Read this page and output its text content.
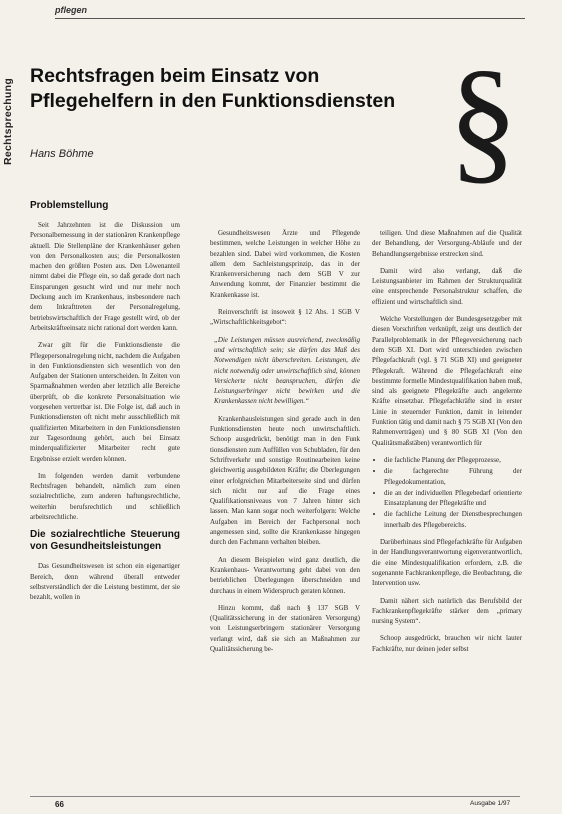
pflegen
Rechtsprechung
Rechtsfragen beim Einsatz von Pflegehelfern in den Funktionsdiensten
Hans Böhme	§
Problemstellung

Seit Jahrzehnten ist die Diskussion um Personalbemessung in der stationären Krankenpflege aktuell. Die Stellenpläne der Krankenhäuser gehen von den Personalkosten aus; die Personalkosten machen den größten Posten aus. Den Löwenanteil nimmt dabei die Pflege ein, so daß gerade dort nach Einsparungen gesucht wird und nur mehr noch Deckung auch im Krankenhaus, insbesondere nach dem Inkrafttreten der Personalregelung, betriebswirtschaftlich der Frage gestellt wird, ob der Arbeitskräfteeinsatz nicht rational dort werden kann.

Zwar gilt für die Funktionsdienste die Pflegepersonalregelung nicht, nachdem die Aufgaben in den Funktionsdiensten sich wesentlich von den Aufgaben der Stationen unterscheiden. In Zeiten von Sparmaßnahmen werden aber letztlich alle Bereiche überprüft, ob die konkrete Personalsituation wie vorgesehen vertretbar ist. Die Folge ist, daß auch in Funktionsdiensten oft nicht mehr ausschließlich mit qualifizierten Mitarbeitern in den Funktionsdiensten zur Tagesordnung gehört, auch bei Einsatz minderqualifizierter Mitarbeiter recht gute Ergebnisse erzielt werden können.

Im folgenden werden damit verbundene Rechtsfragen behandelt, nämlich zum einen sozialrechtliche, zum anderen haftungsrechtliche, weiterhin berufsrechtlich und schließlich arbeitsrechtliche.

Die sozialrechtliche Steuerung von Gesundheitsleistungen

Das Gesundheitswesen ist schon ein eigenartiger Bereich, denn während überall entweder selbstverständlich der die Leistung bestimmt, der sie bezahlt, wollen in

Gesundheitswesen Ärzte und Pflegende bestimmen, welche Leistungen in welcher Höhe zu bezahlen sind. Dabei wird vorkommen, die Kosten allem dem Sachleistungsprinzip, das in der Krankenversicherung nach dem SGB V zur Anwendung kommt, der Finanzier bestimmt die Krankenkasse ist.

Reinverschrift ist insoweit § 12 Abs. 1 SGB V „Wirtschaftlichkeitsgebot“:

„Die Leistungen müssen ausreichend, zweckmäßig und wirtschaftlich sein; sie dürfen das Maß des Notwendigen nicht überschreiten. Leistungen, die nicht notwendig oder unwirtschaftlich sind, können Versicherte nicht beanspruchen, dürfen die Leistungserbringer nicht bewirken und die Krankenkassen nicht bewilligen.“

Krankenhausleistungen sind gerade auch in den Funktionsdiensten heute noch unwirtschaftlich. Schoop ausgedrückt, benötigt man in den Funk tionsdiensten zum Auffüllen von Schubladen, für den Schriftverkehr und sonstige Routinearbeiten keine gleichwertig ausgebildeten Kräfte; die Überlegungen einer erfolgreichen Mitarbeiterseite sind und dürfen sich nicht nur auf die Frage eines Qualifikationsniveaus von 7 Jahren hinter sich lassen. Man kann sogar noch weiterfolgern: Welche Aufgaben im Bereich der Fachpersonal noch angemessen sind, sollte die Krankenkasse hingegen durch den Fachmann verhalten bleiben.

An diesem Beispielen wird ganz deutlich, die Krankenhaus- Verantwortung geht dabei von den betrieblichen Überlegungen überschneiden und durchaus in einem Widerspruch geraten können.

Hinzu kommt, daß nach § 137 SGB V (Qualitätssicherung in der stationären Versorgung) von Leistungserbringern stationärer Versorgung verlangt wird, daß sie sich an Maßnahmen zur Qualitätssicherung be-

teiligen. Und diese Maßnahmen auf die Qualität der Behandlung, der Versorgung-Abläufe und der Behandlungsergebnisse erstrecken sind.

Damit wird also verlangt, daß die Leistungsanbieter im Rahmen der Strukturqualität eine entsprechende Personalstruktur schaffen, die effizient und wirtschaftlich sind.

Welche Vorstellungen der Bundesgesetzgeber mit diesen Vorschriften verknüpft, zeigt uns deutlich der Parallelproblematik in der Pflegeversicherung nach dem SGB XI. Dort wird unterschieden zwischen Pflegefachkraft (vgl. § 71 SGB XI) und geeigneter Pflegekraft. Während die Pflegefachkraft eine bestimmte formelle Mindestqualifikation haben muß, sind als geeignete Pflegekräfte auch angelernte Kräfte einsetzbar. Pflegefachkräfte sind in erster Linie in steuernder Funktion, damit in leitender Funktion tätig und damit nach § 75 SGB XI (Von den Rahmenverträgen) und § 80 SGB XI (Von den Qualitätsmaßstäben) verantwortlich für

• die fachliche Planung der Pflegeprozesse,
• die fachgerechte Führung der Pflegedokumentation,
• die an der individuellen Pflegebedarf orientierte Einsatzplanung der Pflegekräfte und
• die fachliche Leitung der Dienstbesprechungen innerhalb des Pflegebereichs.

Darüberhinaus sind Pflegefachkräfte für Aufgaben in der Handlungsverantwortung eigenverantwortlich, die eine Mindestqualifikation erfordern, z.B. die sogenannte Fachkrankenpflege, die Beobachtung, die Intervention usw.

Damit nähert sich natürlich das Berufsbild der Fachkrankenpflegekräfte stärker dem „primary nursing System“.

Schoop ausgedrückt, brauchen wir nicht lauter Fachkräfte, nur deinen jeder selbst

66	Ausgabe 1/97
